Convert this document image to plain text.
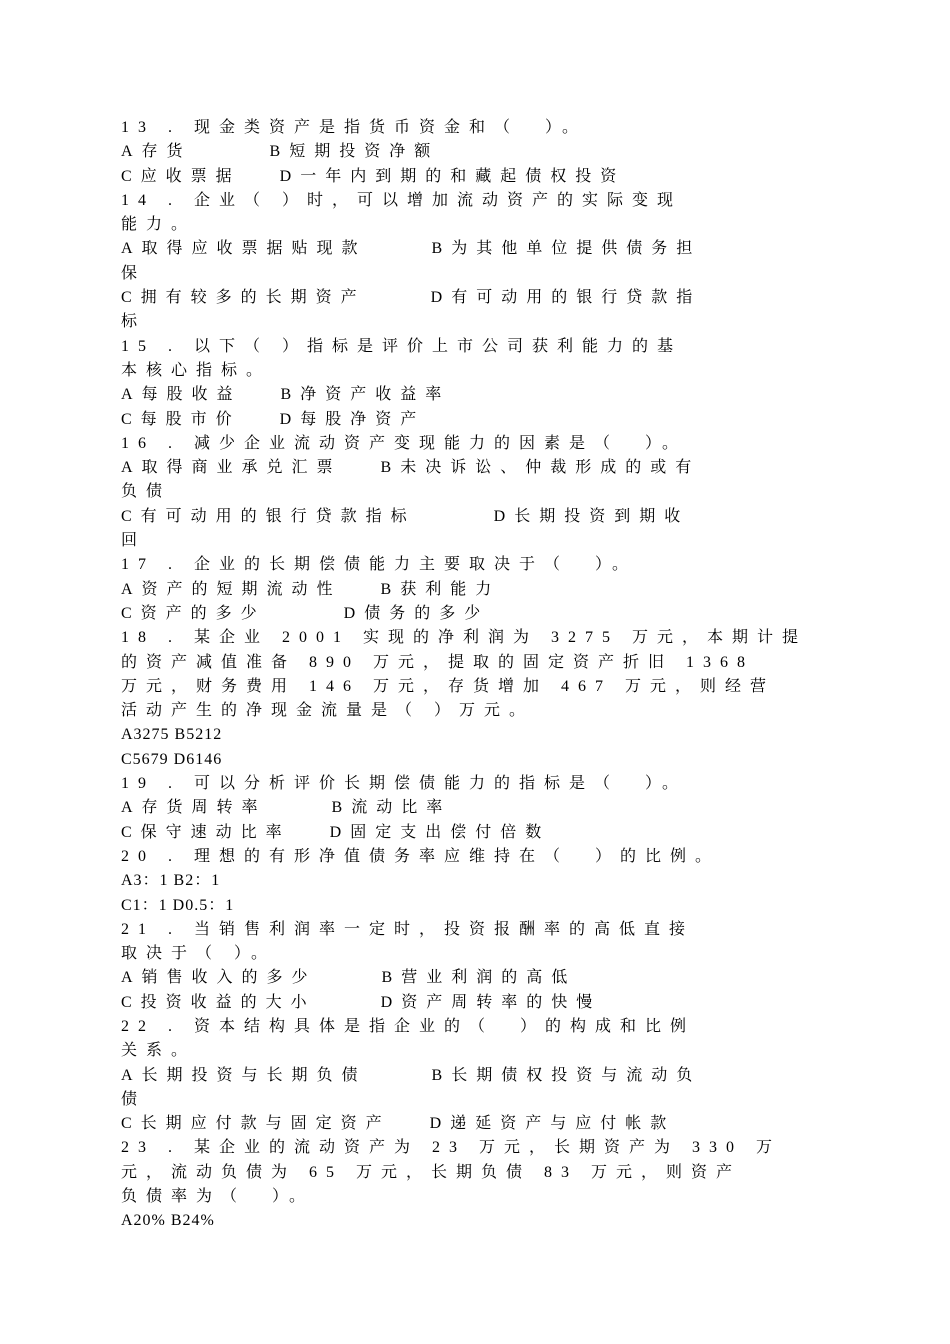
13 . 现金类资产是指货币资金和（  ）。
A存货      B短期投资净额
C应收票据   D一年内到期的和藏起债权投资
14 . 企业（ ）时，可以增加流动资产的实际变现
能力。
A取得应收票据贴现款     B为其他单位提供债务担
保
C拥有较多的长期资产     D有可动用的银行贷款指
标
15 . 以下（ ）指标是评价上市公司获利能力的基
本核心指标。
A每股收益   B净资产收益率
C每股市价   D每股净资产
16 . 减少企业流动资产变现能力的因素是（  ）。
A取得商业承兑汇票   B未决诉讼、仲裁形成的或有
负债
C有可动用的银行贷款指标      D长期投资到期收
回
17 . 企业的长期偿债能力主要取决于（  ）。
A资产的短期流动性   B获利能力
C资产的多少      D债务的多少
18 . 某企业 2001 实现的净利润为 3275 万元，本期计提
的资产减值准备 890 万元，提取的固定资产折旧 1368
万元，财务费用 146 万元，存货增加 467 万元，则经营
活动产生的净现金流量是（ ）万元。
A3275 B5212
C5679 D6146
19 . 可以分析评价长期偿债能力的指标是（  ）。
A存货周转率     B流动比率
C保守速动比率   D固定支出偿付倍数
20 . 理想的有形净值债务率应维持在（  ）的比例。
A3：1 B2：1
C1：1 D0.5：1
21 . 当销售利润率一定时，投资报酬率的高低直接
取决于（ ）。
A销售收入的多少     B营业利润的高低
C投资收益的大小     D资产周转率的快慢
22 . 资本结构具体是指企业的（  ）的构成和比例
关系。
A长期投资与长期负债     B长期债权投资与流动负
债
C长期应付款与固定资产   D递延资产与应付帐款
23 . 某企业的流动资产为 23 万元，长期资产为 330 万
元，流动负债为 65 万元，长期负债 83 万元，则资产
负债率为（  ）。
A20% B24%
